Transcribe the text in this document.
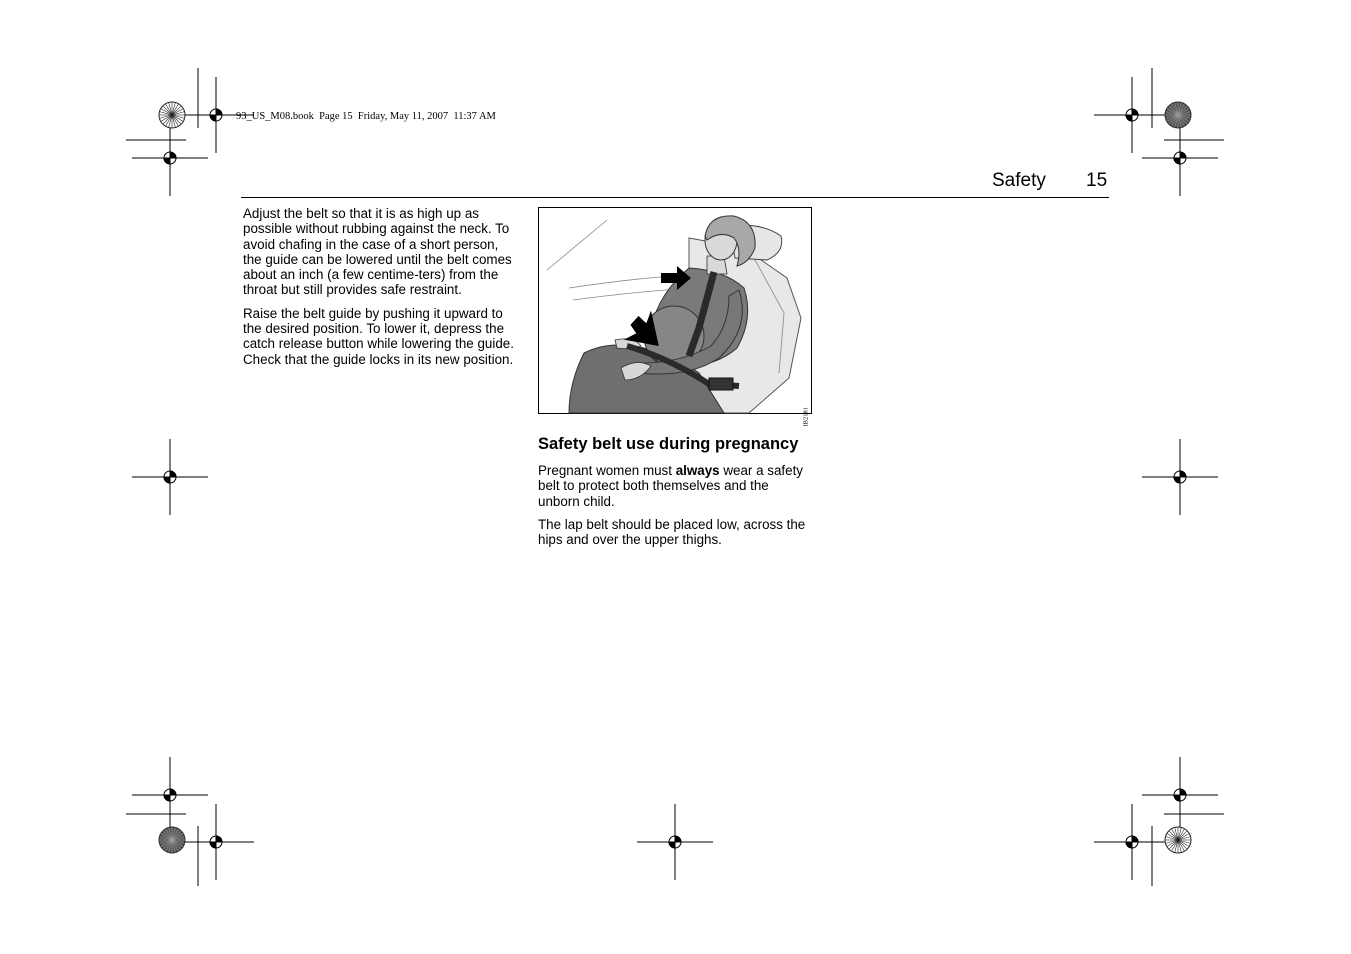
93_US_M08.book  Page 15  Friday, May 11, 2007  11:37 AM
Safety 15

Adjust the belt so that it is as high up as possible without rubbing against the neck. To avoid chafing in the case of a short person, the guide can be lowered until the belt comes about an inch (a few centime-ters) from the throat but still provides safe restraint.

Raise the belt guide by pushing it upward to the desired position. To lower it, depress the catch release button while lowering the guide. Check that the guide locks in its new position.

IB2181
Safety belt use during pregnancy

Pregnant women must always wear a safety belt to protect both themselves and the unborn child.

The lap belt should be placed low, across the hips and over the upper thighs.
